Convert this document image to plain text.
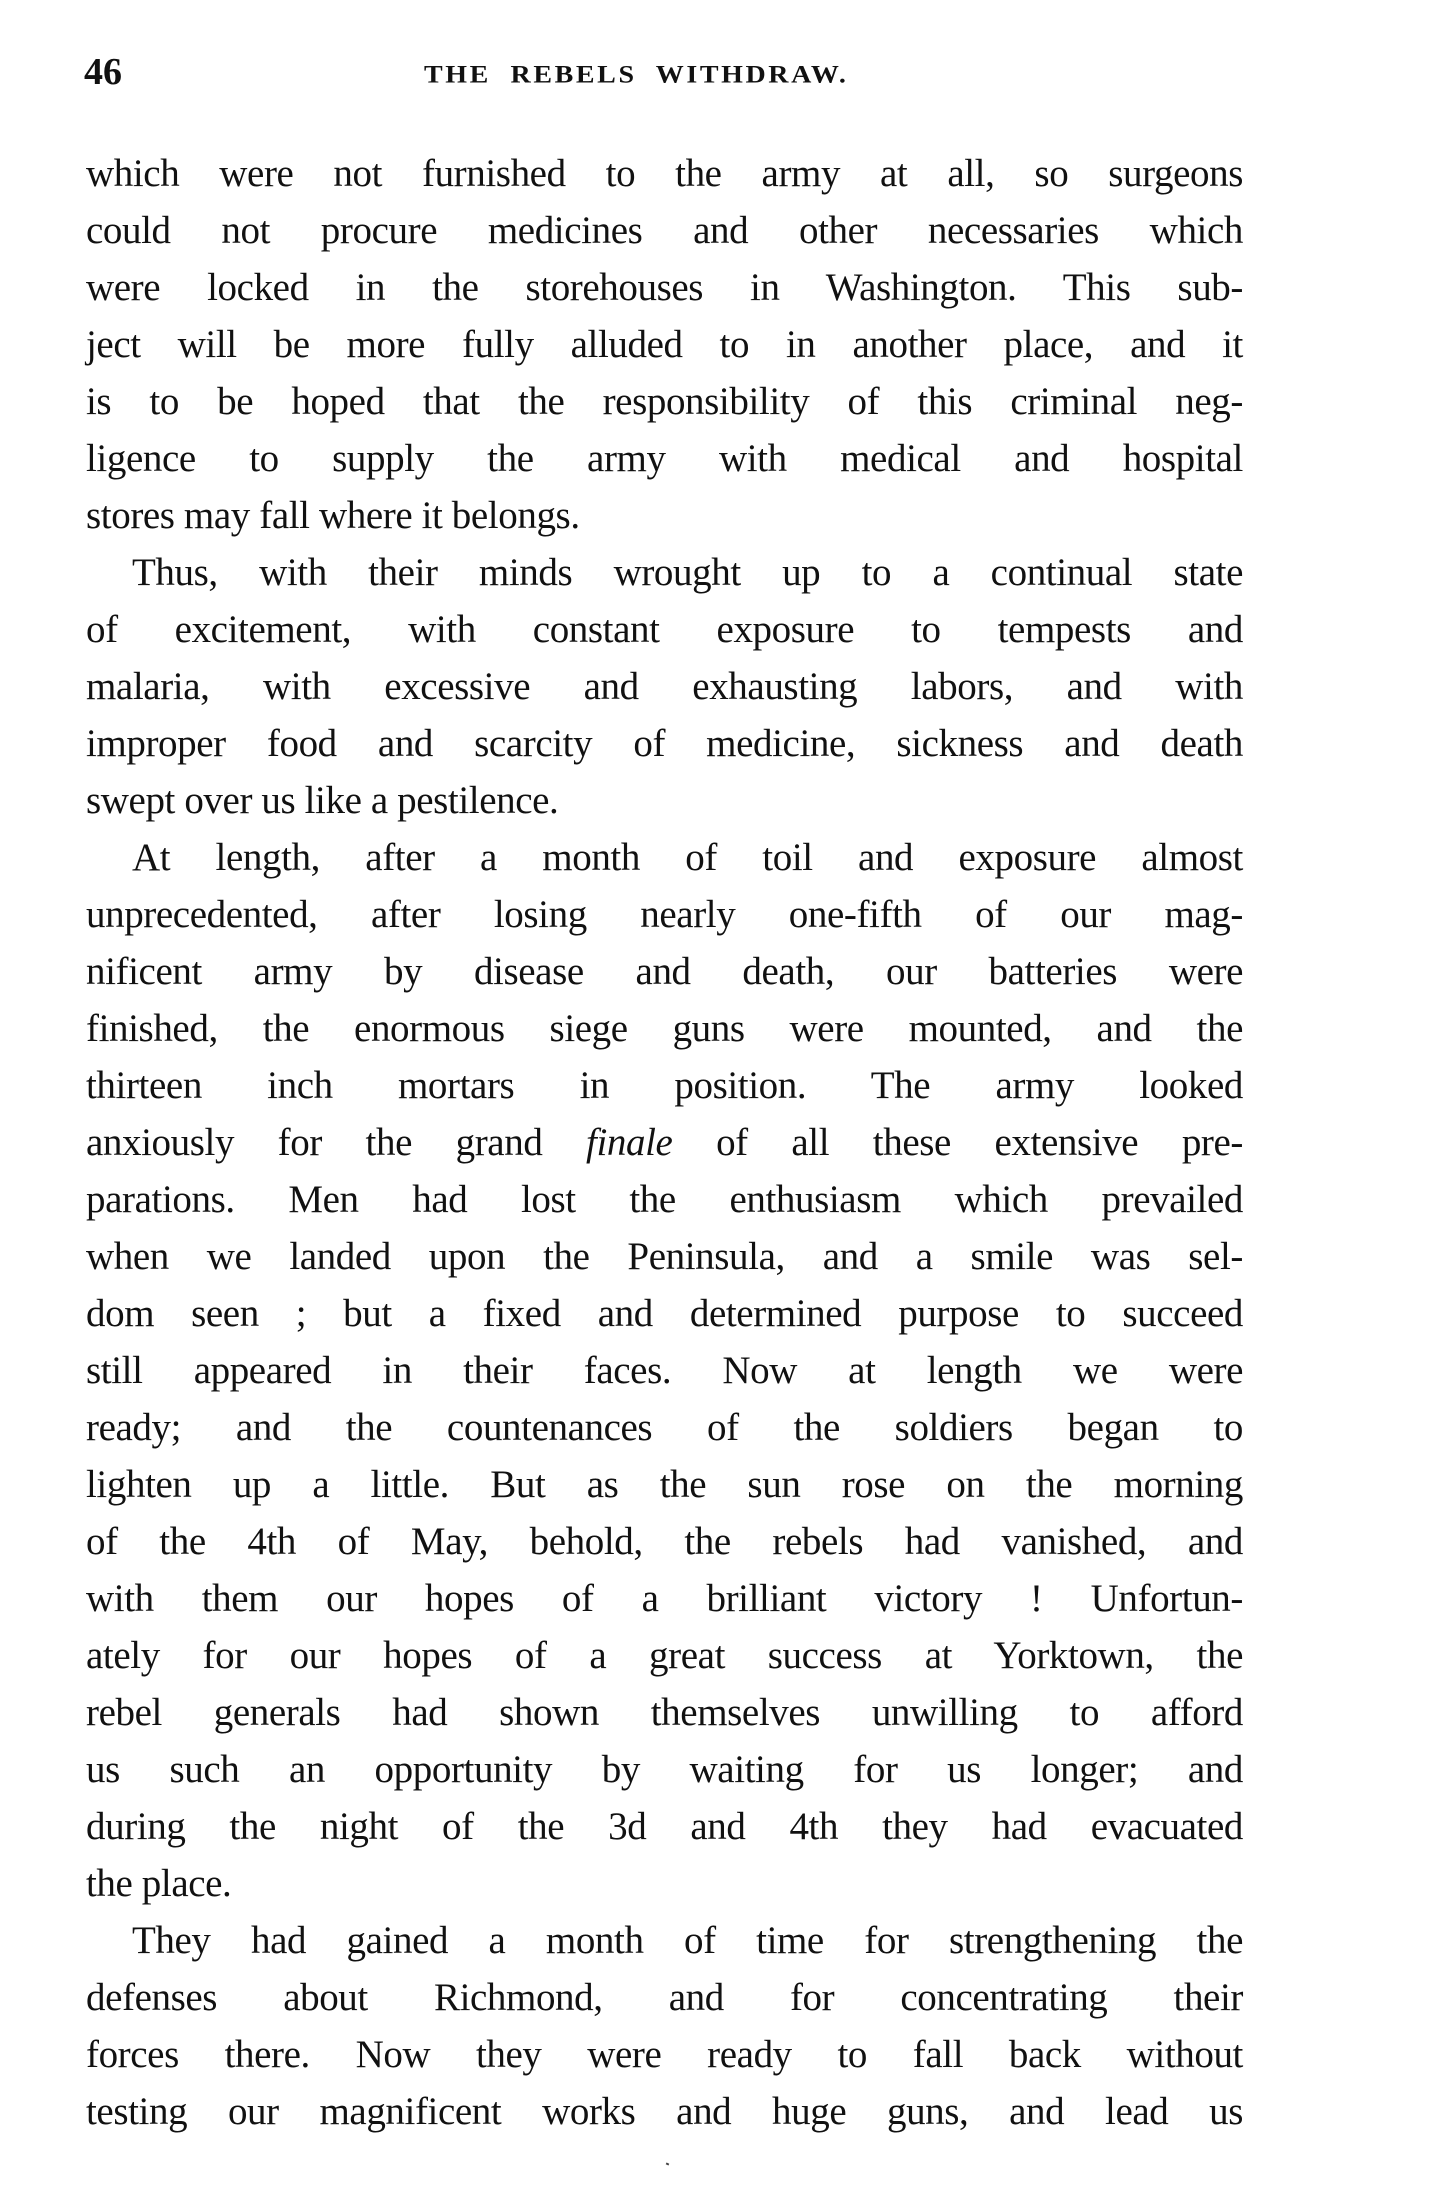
46	THE REBELS WITHDRAW.
which were not furnished to the army at all, so surgeons
could not procure medicines and other necessaries which
were locked in the storehouses in Washington. This sub-
ject will be more fully alluded to in another place, and it
is to be hoped that the responsibility of this criminal neg-
ligence to supply the army with medical and hospital
stores may fall where it belongs.
Thus, with their minds wrought up to a continual state
of excitement, with constant exposure to tempests and
malaria, with excessive and exhausting labors, and with
improper food and scarcity of medicine, sickness and death
swept over us like a pestilence.
At length, after a month of toil and exposure almost
unprecedented, after losing nearly one-fifth of our mag-
nificent army by disease and death, our batteries were
finished, the enormous siege guns were mounted, and the
thirteen inch mortars in position. The army looked
anxiously for the grand finale of all these extensive pre-
parations. Men had lost the enthusiasm which prevailed
when we landed upon the Peninsula, and a smile was sel-
dom seen ; but a fixed and determined purpose to succeed
still appeared in their faces. Now at length we were
ready; and the countenances of the soldiers began to
lighten up a little. But as the sun rose on the morning
of the 4th of May, behold, the rebels had vanished, and
with them our hopes of a brilliant victory ! Unfortun-
ately for our hopes of a great success at Yorktown, the
rebel generals had shown themselves unwilling to afford
us such an opportunity by waiting for us longer; and
during the night of the 3d and 4th they had evacuated
the place.
They had gained a month of time for strengthening the
defenses about Richmond, and for concentrating their
forces there. Now they were ready to fall back without
testing our magnificent works and huge guns, and lead us
